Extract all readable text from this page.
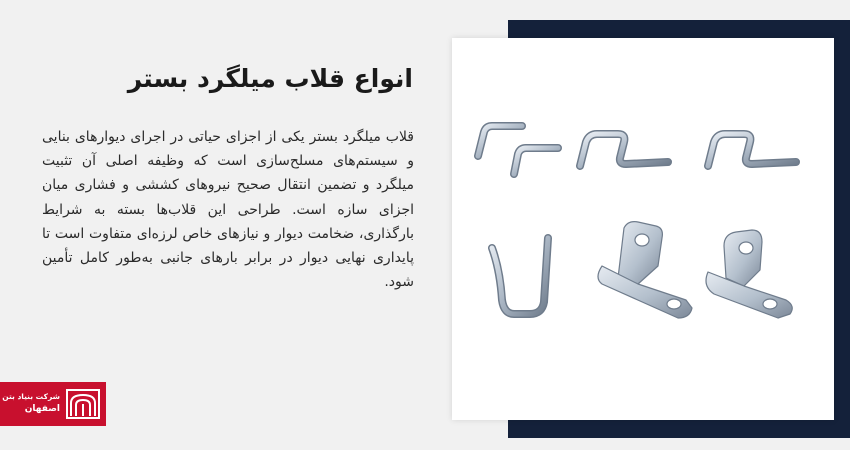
انواع قلاب میلگرد بستر

قلاب میلگرد بستر یکی از اجزای حیاتی در اجرای دیوارهای بنایی و سیستم‌های مسلح‌سازی است که وظیفه اصلی آن تثبیت میلگرد و تضمین انتقال صحیح نیروهای کششی و فشاری میان اجزای سازه است. طراحی این قلاب‌ها بسته به شرایط بارگذاری، ضخامت دیوار و نیازهای خاص لرزه‌ای متفاوت است تا پایداری نهایی دیوار در برابر بارهای جانبی به‌طور کامل تأمین شود.

شرکت بنیاد بتن
اصفهان
